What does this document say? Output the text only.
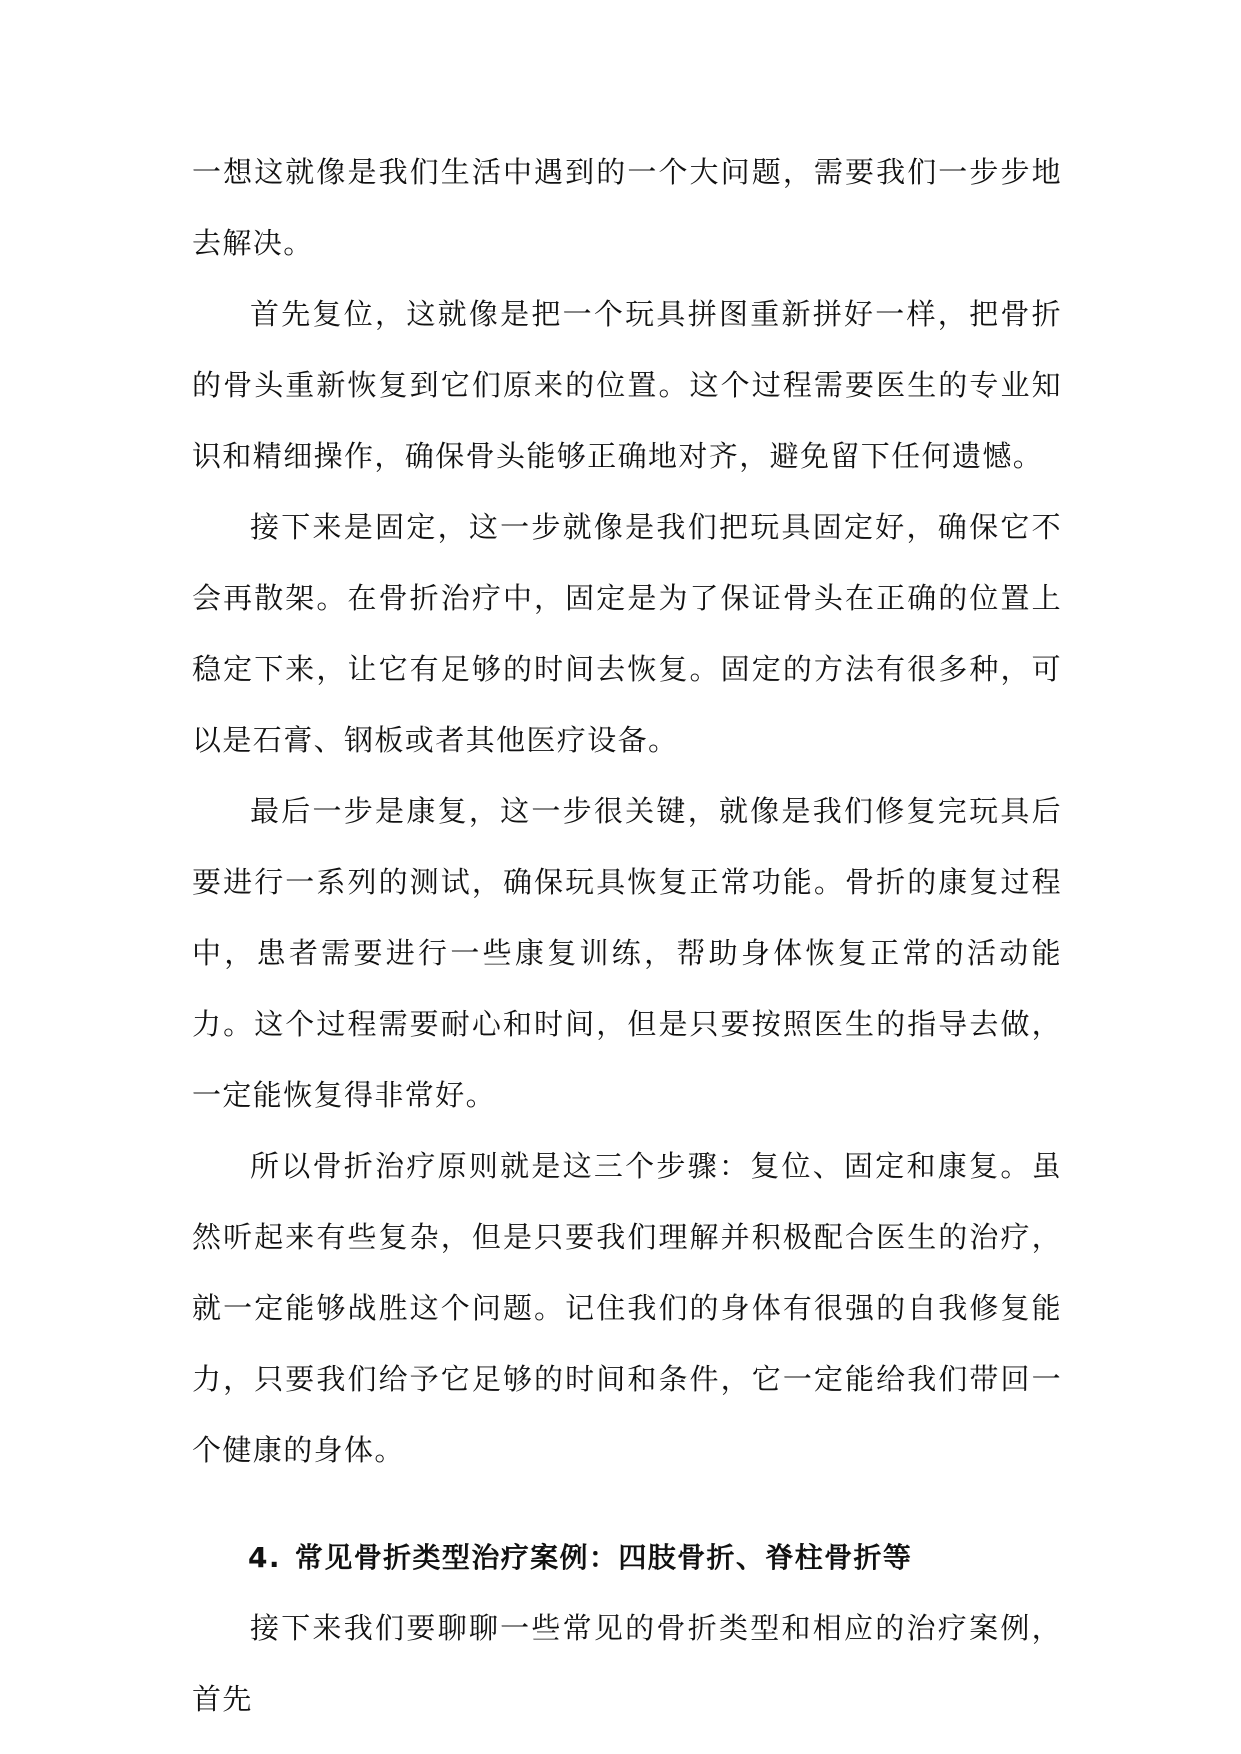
一想这就像是我们生活中遇到的一个大问题，需要我们一步步地去解决。

首先复位，这就像是把一个玩具拼图重新拼好一样，把骨折的骨头重新恢复到它们原来的位置。这个过程需要医生的专业知识和精细操作，确保骨头能够正确地对齐，避免留下任何遗憾。

接下来是固定，这一步就像是我们把玩具固定好，确保它不会再散架。在骨折治疗中，固定是为了保证骨头在正确的位置上稳定下来，让它有足够的时间去恢复。固定的方法有很多种，可以是石膏、钢板或者其他医疗设备。

最后一步是康复，这一步很关键，就像是我们修复完玩具后要进行一系列的测试，确保玩具恢复正常功能。骨折的康复过程中，患者需要进行一些康复训练，帮助身体恢复正常的活动能力。这个过程需要耐心和时间，但是只要按照医生的指导去做，一定能恢复得非常好。

所以骨折治疗原则就是这三个步骤：复位、固定和康复。虽然听起来有些复杂，但是只要我们理解并积极配合医生的治疗，就一定能够战胜这个问题。记住我们的身体有很强的自我修复能力，只要我们给予它足够的时间和条件，它一定能给我们带回一个健康的身体。

4. 常见骨折类型治疗案例：四肢骨折、脊柱骨折等

接下来我们要聊聊一些常见的骨折类型和相应的治疗案例，首先
